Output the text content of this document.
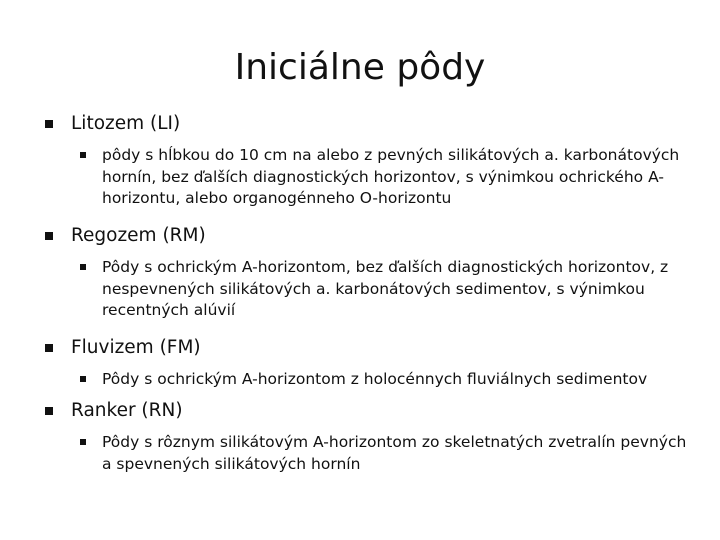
Iniciálne pôdy
Litozem (LI)
pôdy s hĺbkou do 10 cm na alebo z pevných silikátových a. karbonátových hornín, bez ďalších diagnostických horizontov, s výnimkou ochrického A-horizontu, alebo organogénneho O-horizontu
Regozem (RM)
Pôdy s ochrickým A-horizontom, bez ďalších diagnostických horizontov, z nespevnených silikátových a. karbonátových sedimentov, s výnimkou recentných alúvií
Fluvizem (FM)
Pôdy s ochrickým A-horizontom z holocénnych fluviálnych sedimentov
Ranker (RN)
Pôdy s rôznym silikátovým A-horizontom zo skeletnatých zvetralín pevných a spevnených silikátových hornín
